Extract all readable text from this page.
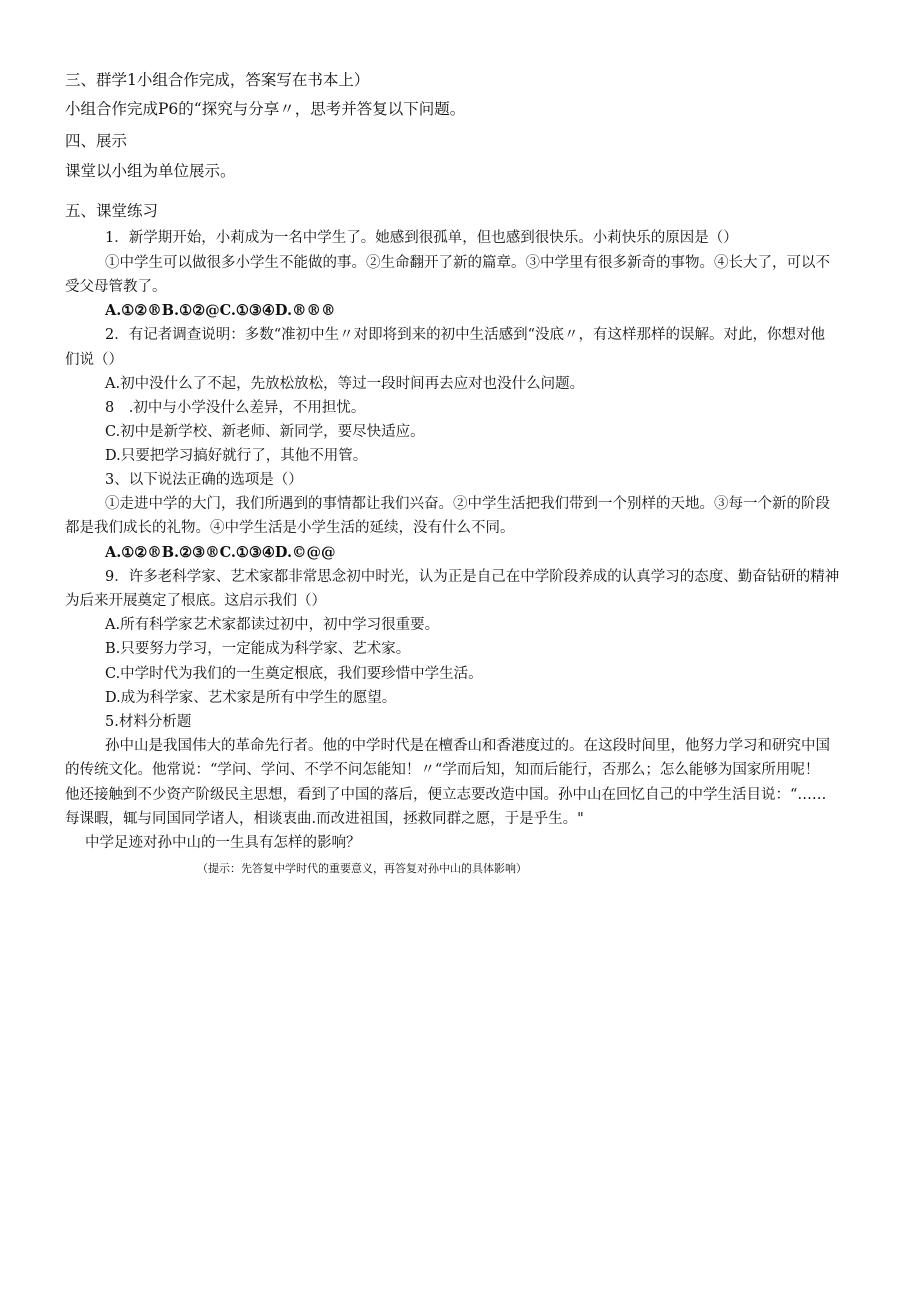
三、群学1小组合作完成，答案写在书本上）

小组合作完成P6的“探究与分享〃，思考并答复以下问题。

四、展示

课堂以小组为单位展示。

五、课堂练习

1．新学期开始，小莉成为一名中学生了。她感到很孤单，但也感到很快乐。小莉快乐的原因是（）

①中学生可以做很多小学生不能做的事。②生命翻开了新的篇章。③中学里有很多新奇的事物。④长大了，可以不

受父母管教了。

A.①②®B.①②@C.①③④D.®®®

2．有记者调查说明：多数“准初中生〃对即将到来的初中生活感到“没底〃，有这样那样的误解。对此，你想对他

们说（）

A.初中没什么了不起，先放松放松，等过一段时间再去应对也没什么问题。

8　.初中与小学没什么差异，不用担忧。

C.初中是新学校、新老师、新同学，要尽快适应。

D.只要把学习搞好就行了，其他不用管。

3、以下说法正确的选项是（）

①走进中学的大门，我们所遇到的事情都让我们兴奋。②中学生活把我们带到一个别样的天地。③每一个新的阶段

都是我们成长的礼物。④中学生活是小学生活的延续，没有什么不同。

A.①②®B.②③®C.①③④D.©@@

9．许多老科学家、艺术家都非常思念初中时光，认为正是自己在中学阶段养成的认真学习的态度、勤奋钻研的精神

为后来开展奠定了根底。这启示我们（）

A.所有科学家艺术家都读过初中，初中学习很重要。

B.只要努力学习，一定能成为科学家、艺术家。

C.中学时代为我们的一生奠定根底，我们要珍惜中学生活。

D.成为科学家、艺术家是所有中学生的愿望。

5.材料分析题

孙中山是我国伟大的革命先行者。他的中学时代是在檀香山和香港度过的。在这段时间里，他努力学习和研究中国

的传统文化。他常说：“学问、学问、不学不问怎能知！〃“学而后知，知而后能行，否那么；怎么能够为国家所用呢！

他还接触到不少资产阶级民主思想，看到了中国的落后，便立志要改造中国。孙中山在回忆自己的中学生活目说：“……

每课暇，辄与同国同学诸人，相谈衷曲.而改进祖国，拯救同群之愿，于是乎生。"

中学足迹对孙中山的一生具有怎样的影响？

（提示：先答复中学时代的重要意义，再答复对孙中山的具体影响）
